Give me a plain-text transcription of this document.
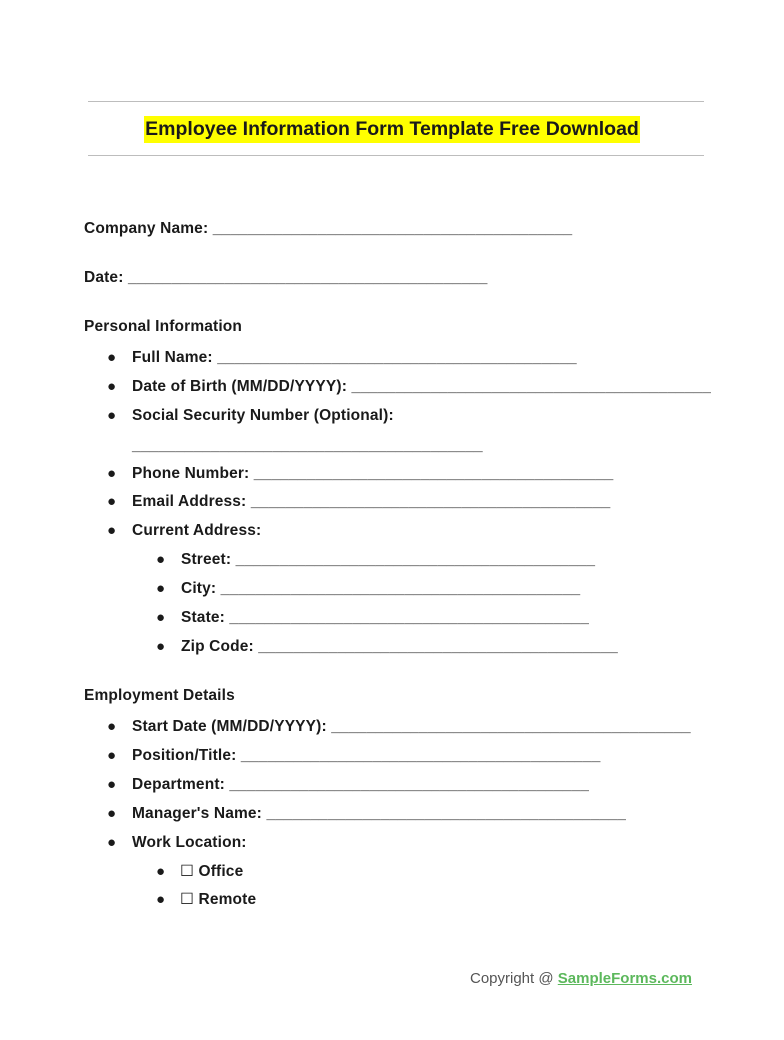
Employee Information Form Template Free Download
Company Name: _________________________________________
Date: _________________________________________
Personal Information
● Full Name: _________________________________________
● Date of Birth (MM/DD/YYYY): _________________________________________
● Social Security Number (Optional):
________________________________________
● Phone Number: _________________________________________
● Email Address: _________________________________________
● Current Address:
● Street: _________________________________________
● City: _________________________________________
● State: _________________________________________
● Zip Code: _________________________________________
Employment Details
● Start Date (MM/DD/YYYY): _________________________________________
● Position/Title: _________________________________________
● Department: _________________________________________
● Manager's Name: _________________________________________
● Work Location:
● ☐ Office
● ☐ Remote
Copyright @ SampleForms.com
